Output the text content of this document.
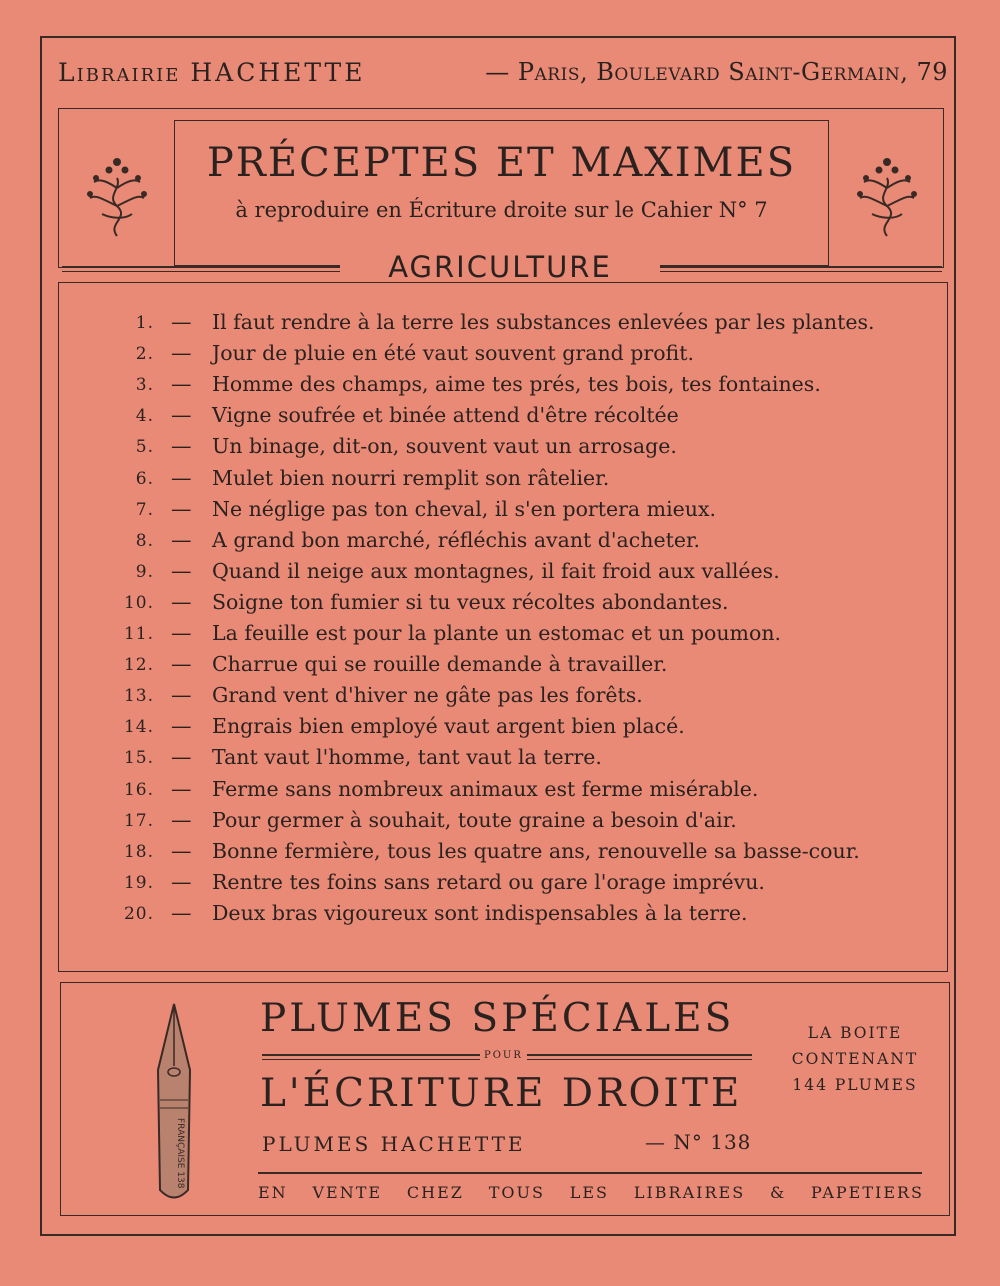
Librairie HACHETTE	— Paris, Boulevard Saint-Germain, 79
PRÉCEPTES ET MAXIMES
à reproduire en Écriture droite sur le Cahier N° 7
AGRICULTURE
1. — Il faut rendre à la terre les substances enlevées par les plantes.
2. — Jour de pluie en été vaut souvent grand profit.
3. — Homme des champs, aime tes prés, tes bois, tes fontaines.
4. — Vigne soufrée et binée attend d'être récoltée
5. — Un binage, dit-on, souvent vaut un arrosage.
6. — Mulet bien nourri remplit son râtelier.
7. — Ne néglige pas ton cheval, il s'en portera mieux.
8. — A grand bon marché, réfléchis avant d'acheter.
9. — Quand il neige aux montagnes, il fait froid aux vallées.
10. — Soigne ton fumier si tu veux récoltes abondantes.
11. — La feuille est pour la plante un estomac et un poumon.
12. — Charrue qui se rouille demande à travailler.
13. — Grand vent d'hiver ne gâte pas les forêts.
14. — Engrais bien employé vaut argent bien placé.
15. — Tant vaut l'homme, tant vaut la terre.
16. — Ferme sans nombreux animaux est ferme misérable.
17. — Pour germer à souhait, toute graine a besoin d'air.
18. — Bonne fermière, tous les quatre ans, renouvelle sa basse-cour.
19. — Rentre tes foins sans retard ou gare l'orage imprévu.
20. — Deux bras vigoureux sont indispensables à la terre.
FRANÇAISE 138
PLUMES SPÉCIALES
POUR
L'ÉCRITURE DROITE
PLUMES HACHETTE	— N° 138
LA BOITE
CONTENANT
144 PLUMES
EN VENTE CHEZ TOUS LES LIBRAIRES & PAPETIERS
